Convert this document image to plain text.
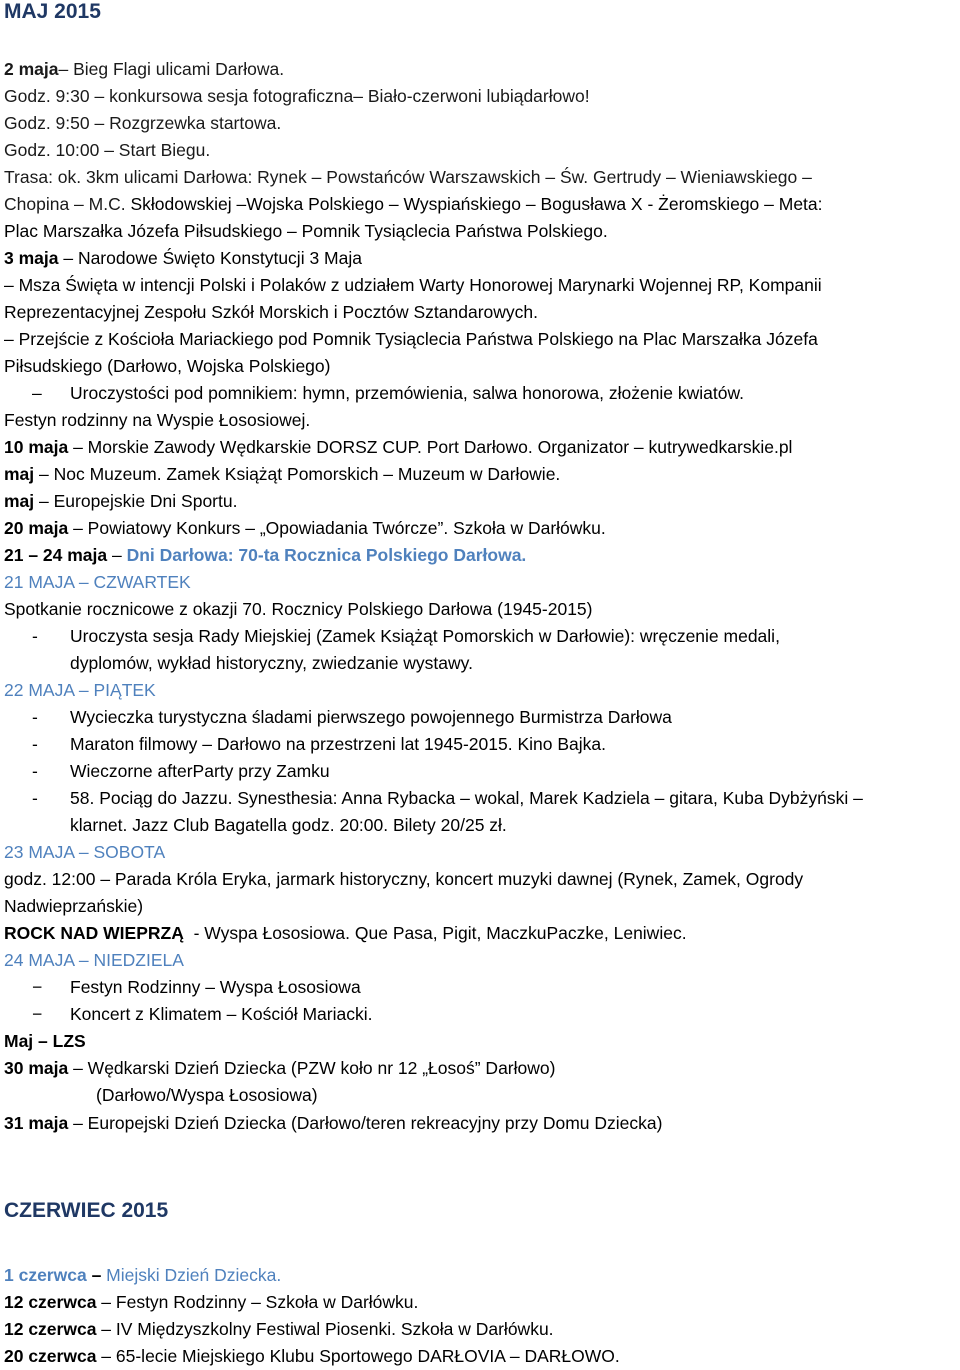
MAJ 2015
2 maja– Bieg Flagi ulicami Darłowa.
Godz. 9:30 – konkursowa sesja fotograficzna– Biało-czerwoni lubiądarłowo!
Godz. 9:50 – Rozgrzewka startowa.
Godz. 10:00 – Start Biegu.
Trasa: ok. 3km ulicami Darłowa: Rynek – Powstańców Warszawskich – Św. Gertrudy – Wieniawskiego –
Chopina – M.C. Skłodowskiej –Wojska Polskiego – Wyspiańskiego – Bogusława X - Żeromskiego – Meta:
Plac Marszałka Józefa Piłsudskiego – Pomnik Tysiąclecia Państwa Polskiego.
3 maja – Narodowe Święto Konstytucji 3 Maja
– Msza Święta w intencji Polski i Polaków z udziałem Warty Honorowej Marynarki Wojennej RP, Kompanii
Reprezentacyjnej Zespołu Szkół Morskich i Pocztów Sztandarowych.
– Przejście z Kościoła Mariackiego pod Pomnik Tysiąclecia Państwa Polskiego na Plac Marszałka Józefa
Piłsudskiego (Darłowo, Wojska Polskiego)
– Uroczystości pod pomnikiem: hymn, przemówienia, salwa honorowa, złożenie kwiatów.
Festyn rodzinny na Wyspie Łososiowej.
10 maja – Morskie Zawody Wędkarskie DORSZ CUP. Port Darłowo. Organizator – kutrywedkarskie.pl
maj – Noc Muzeum. Zamek Książąt Pomorskich – Muzeum w Darłowie.
maj – Europejskie Dni Sportu.
20 maja – Powiatowy Konkurs – „Opowiadania Twórcze”. Szkoła w Darłówku.
21 – 24 maja – Dni Darłowa: 70-ta Rocznica Polskiego Darłowa.
21 MAJA – CZWARTEK
Spotkanie rocznicowe z okazji 70. Rocznicy Polskiego Darłowa (1945-2015)
- Uroczysta sesja Rady Miejskiej (Zamek Książąt Pomorskich w Darłowie): wręczenie medali,
dyplomów, wykład historyczny, zwiedzanie wystawy.
22 MAJA – PIĄTEK
- Wycieczka turystyczna śladami pierwszego powojennego Burmistrza Darłowa
- Maraton filmowy – Darłowo na przestrzeni lat 1945-2015. Kino Bajka.
- Wieczorne afterParty przy Zamku
- 58. Pociąg do Jazzu. Synesthesia: Anna Rybacka – wokal, Marek Kadziela – gitara, Kuba Dybżyński –
klarnet. Jazz Club Bagatella godz. 20:00. Bilety 20/25 zł.
23 MAJA – SOBOTA
godz. 12:00 – Parada Króla Eryka, jarmark historyczny, koncert muzyki dawnej (Rynek, Zamek, Ogrody
Nadwieprzańskie)
ROCK NAD WIEPRZĄ  - Wyspa Łososiowa. Que Pasa, Pigit, MaczkuPaczke, Leniwiec.
24 MAJA – NIEDZIELA
− Festyn Rodzinny – Wyspa Łososiowa
− Koncert z Klimatem – Kościół Mariacki.
Maj – LZS
30 maja – Wędkarski Dzień Dziecka (PZW koło nr 12 „Łosoś” Darłowo)
(Darłowo/Wyspa Łososiowa)
31 maja – Europejski Dzień Dziecka (Darłowo/teren rekreacyjny przy Domu Dziecka)
CZERWIEC 2015
1 czerwca – Miejski Dzień Dziecka.
12 czerwca – Festyn Rodzinny – Szkoła w Darłówku.
12 czerwca – IV Międzyszkolny Festiwal Piosenki. Szkoła w Darłówku.
20 czerwca – 65-lecie Miejskiego Klubu Sportowego DARŁOVIA – DARŁOWO.
